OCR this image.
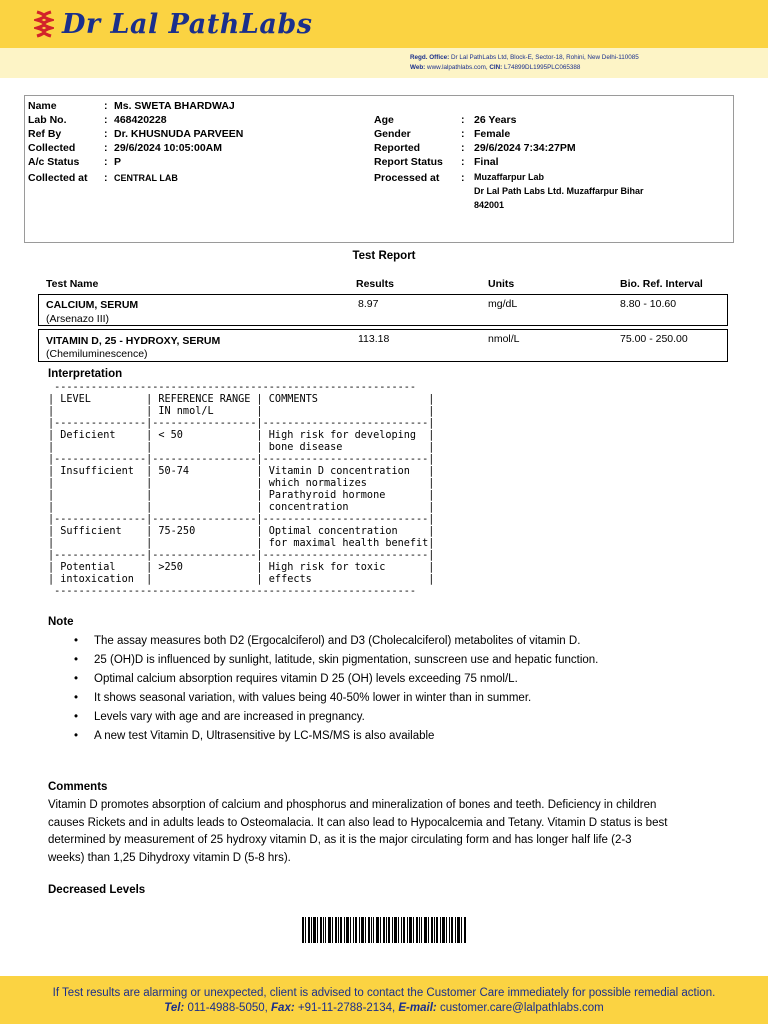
Dr Lal PathLabs
Regd. Office: Dr Lal PathLabs Ltd, Block-E, Sector-18, Rohini, New Delhi-110085
Web: www.lalpathlabs.com, CIN: L74899DL1995PLC065388
Name	: Ms. SWETA BHARDWAJ
Lab No.	: 468420228
Ref By	: Dr. KHUSNUDA PARVEEN
Collected	: 29/6/2024 10:05:00AM
A/c Status : P
Collected at : CENTRAL LAB
Age	: 26 Years
Gender	: Female
Reported	: 29/6/2024 7:34:27PM
Report Status : Final
Processed at : Muzaffarpur Lab
Dr Lal Path Labs Ltd. Muzaffarpur Bihar
842001
Test Report
Test Name	Results	Units	Bio. Ref. Interval
CALCIUM, SERUM
(Arsenazo III)
8.97	mg/dL	8.80 - 10.60
VITAMIN D, 25 - HYDROXY, SERUM
(Chemiluminescence)
113.18	nmol/L	75.00 - 250.00
Interpretation
-----------------------------------------------------------
| LEVEL         | REFERENCE RANGE | COMMENTS                  |
|               | IN nmol/L       |                           |
|---------------|-----------------|---------------------------|
| Deficient     | < 50            | High risk for developing  |
|               |                 | bone disease              |
|---------------|-----------------|---------------------------|
| Insufficient  | 50-74           | Vitamin D concentration   |
|               |                 | which normalizes          |
|               |                 | Parathyroid hormone       |
|               |                 | concentration             |
|---------------|-----------------|---------------------------|
| Sufficient    | 75-250          | Optimal concentration     |
|               |                 | for maximal health benefit|
|---------------|-----------------|---------------------------|
| Potential     | >250            | High risk for toxic       |
| intoxication  |                 | effects                   |
-----------------------------------------------------------
Note
• The assay measures both D2 (Ergocalciferol) and D3 (Cholecalciferol) metabolites of vitamin D.
• 25 (OH)D is influenced by sunlight, latitude, skin pigmentation, sunscreen use and hepatic function.
• Optimal calcium absorption requires vitamin D 25 (OH) levels exceeding 75 nmol/L.
• It shows seasonal variation, with values being 40-50% lower in winter than in summer.
• Levels vary with age and are increased in pregnancy.
• A new test Vitamin D, Ultrasensitive by LC-MS/MS is also available
Comments
Vitamin D promotes absorption of calcium and phosphorus and mineralization of bones and teeth. Deficiency in children causes Rickets and in adults leads to Osteomalacia. It can also lead to Hypocalcemia and Tetany. Vitamin D status is best determined by measurement of 25 hydroxy vitamin D, as it is the major circulating form and has longer half life (2-3 weeks) than 1,25 Dihydroxy vitamin D (5-8 hrs).
Decreased Levels
If Test results are alarming or unexpected, client is advised to contact the Customer Care immediately for possible remedial action.
Tel: 011-4988-5050, Fax: +91-11-2788-2134, E-mail: customer.care@lalpathlabs.com
